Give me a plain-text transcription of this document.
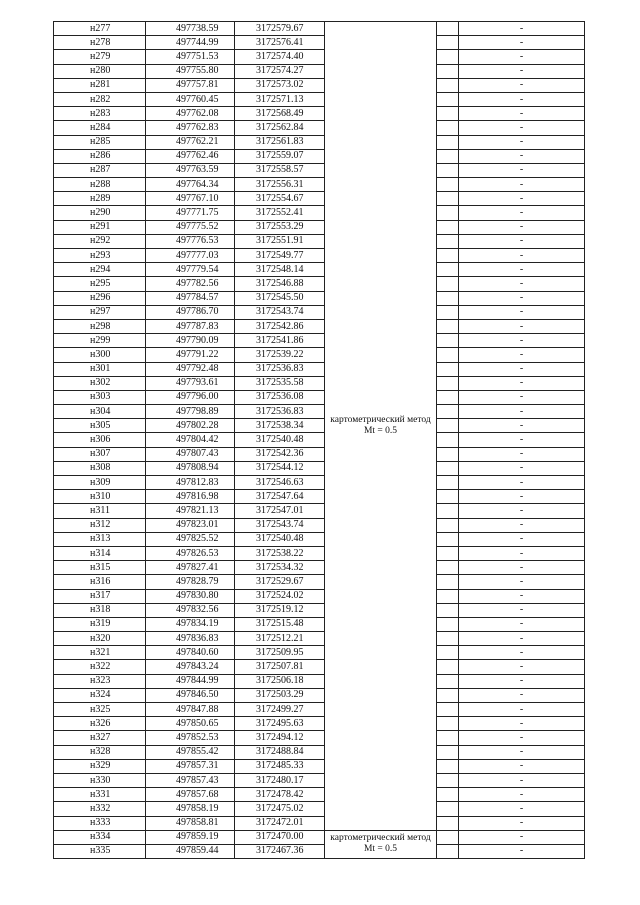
н277	497738.59	3172579.67	картометрический метод Mt = 0.5		-
н278	497744.99	3172576.41			-
н279	497751.53	3172574.40			-
н280	497755.80	3172574.27			-
н281	497757.81	3172573.02			-
н282	497760.45	3172571.13			-
н283	497762.08	3172568.49			-
н284	497762.83	3172562.84			-
н285	497762.21	3172561.83			-
н286	497762.46	3172559.07			-
н287	497763.59	3172558.57			-
н288	497764.34	3172556.31			-
н289	497767.10	3172554.67			-
н290	497771.75	3172552.41			-
н291	497775.52	3172553.29			-
н292	497776.53	3172551.91			-
н293	497777.03	3172549.77			-
н294	497779.54	3172548.14			-
н295	497782.56	3172546.88			-
н296	497784.57	3172545.50			-
н297	497786.70	3172543.74			-
н298	497787.83	3172542.86			-
н299	497790.09	3172541.86			-
н300	497791.22	3172539.22			-
н301	497792.48	3172536.83			-
н302	497793.61	3172535.58			-
н303	497796.00	3172536.08			-
н304	497798.89	3172536.83			-
н305	497802.28	3172538.34			-
н306	497804.42	3172540.48			-
н307	497807.43	3172542.36			-
н308	497808.94	3172544.12			-
н309	497812.83	3172546.63			-
н310	497816.98	3172547.64			-
н311	497821.13	3172547.01			-
н312	497823.01	3172543.74			-
н313	497825.52	3172540.48			-
н314	497826.53	3172538.22			-
н315	497827.41	3172534.32			-
н316	497828.79	3172529.67			-
н317	497830.80	3172524.02			-
н318	497832.56	3172519.12			-
н319	497834.19	3172515.48			-
н320	497836.83	3172512.21			-
н321	497840.60	3172509.95			-
н322	497843.24	3172507.81			-
н323	497844.99	3172506.18			-
н324	497846.50	3172503.29			-
н325	497847.88	3172499.27			-
н326	497850.65	3172495.63			-
н327	497852.53	3172494.12			-
н328	497855.42	3172488.84			-
н329	497857.31	3172485.33			-
н330	497857.43	3172480.17			-
н331	497857.68	3172478.42			-
н332	497858.19	3172475.02			-
н333	497858.81	3172472.01			-
н334	497859.19	3172470.00	картометрический метод Mt = 0.5		-
н335	497859.44	3172467.36			-
